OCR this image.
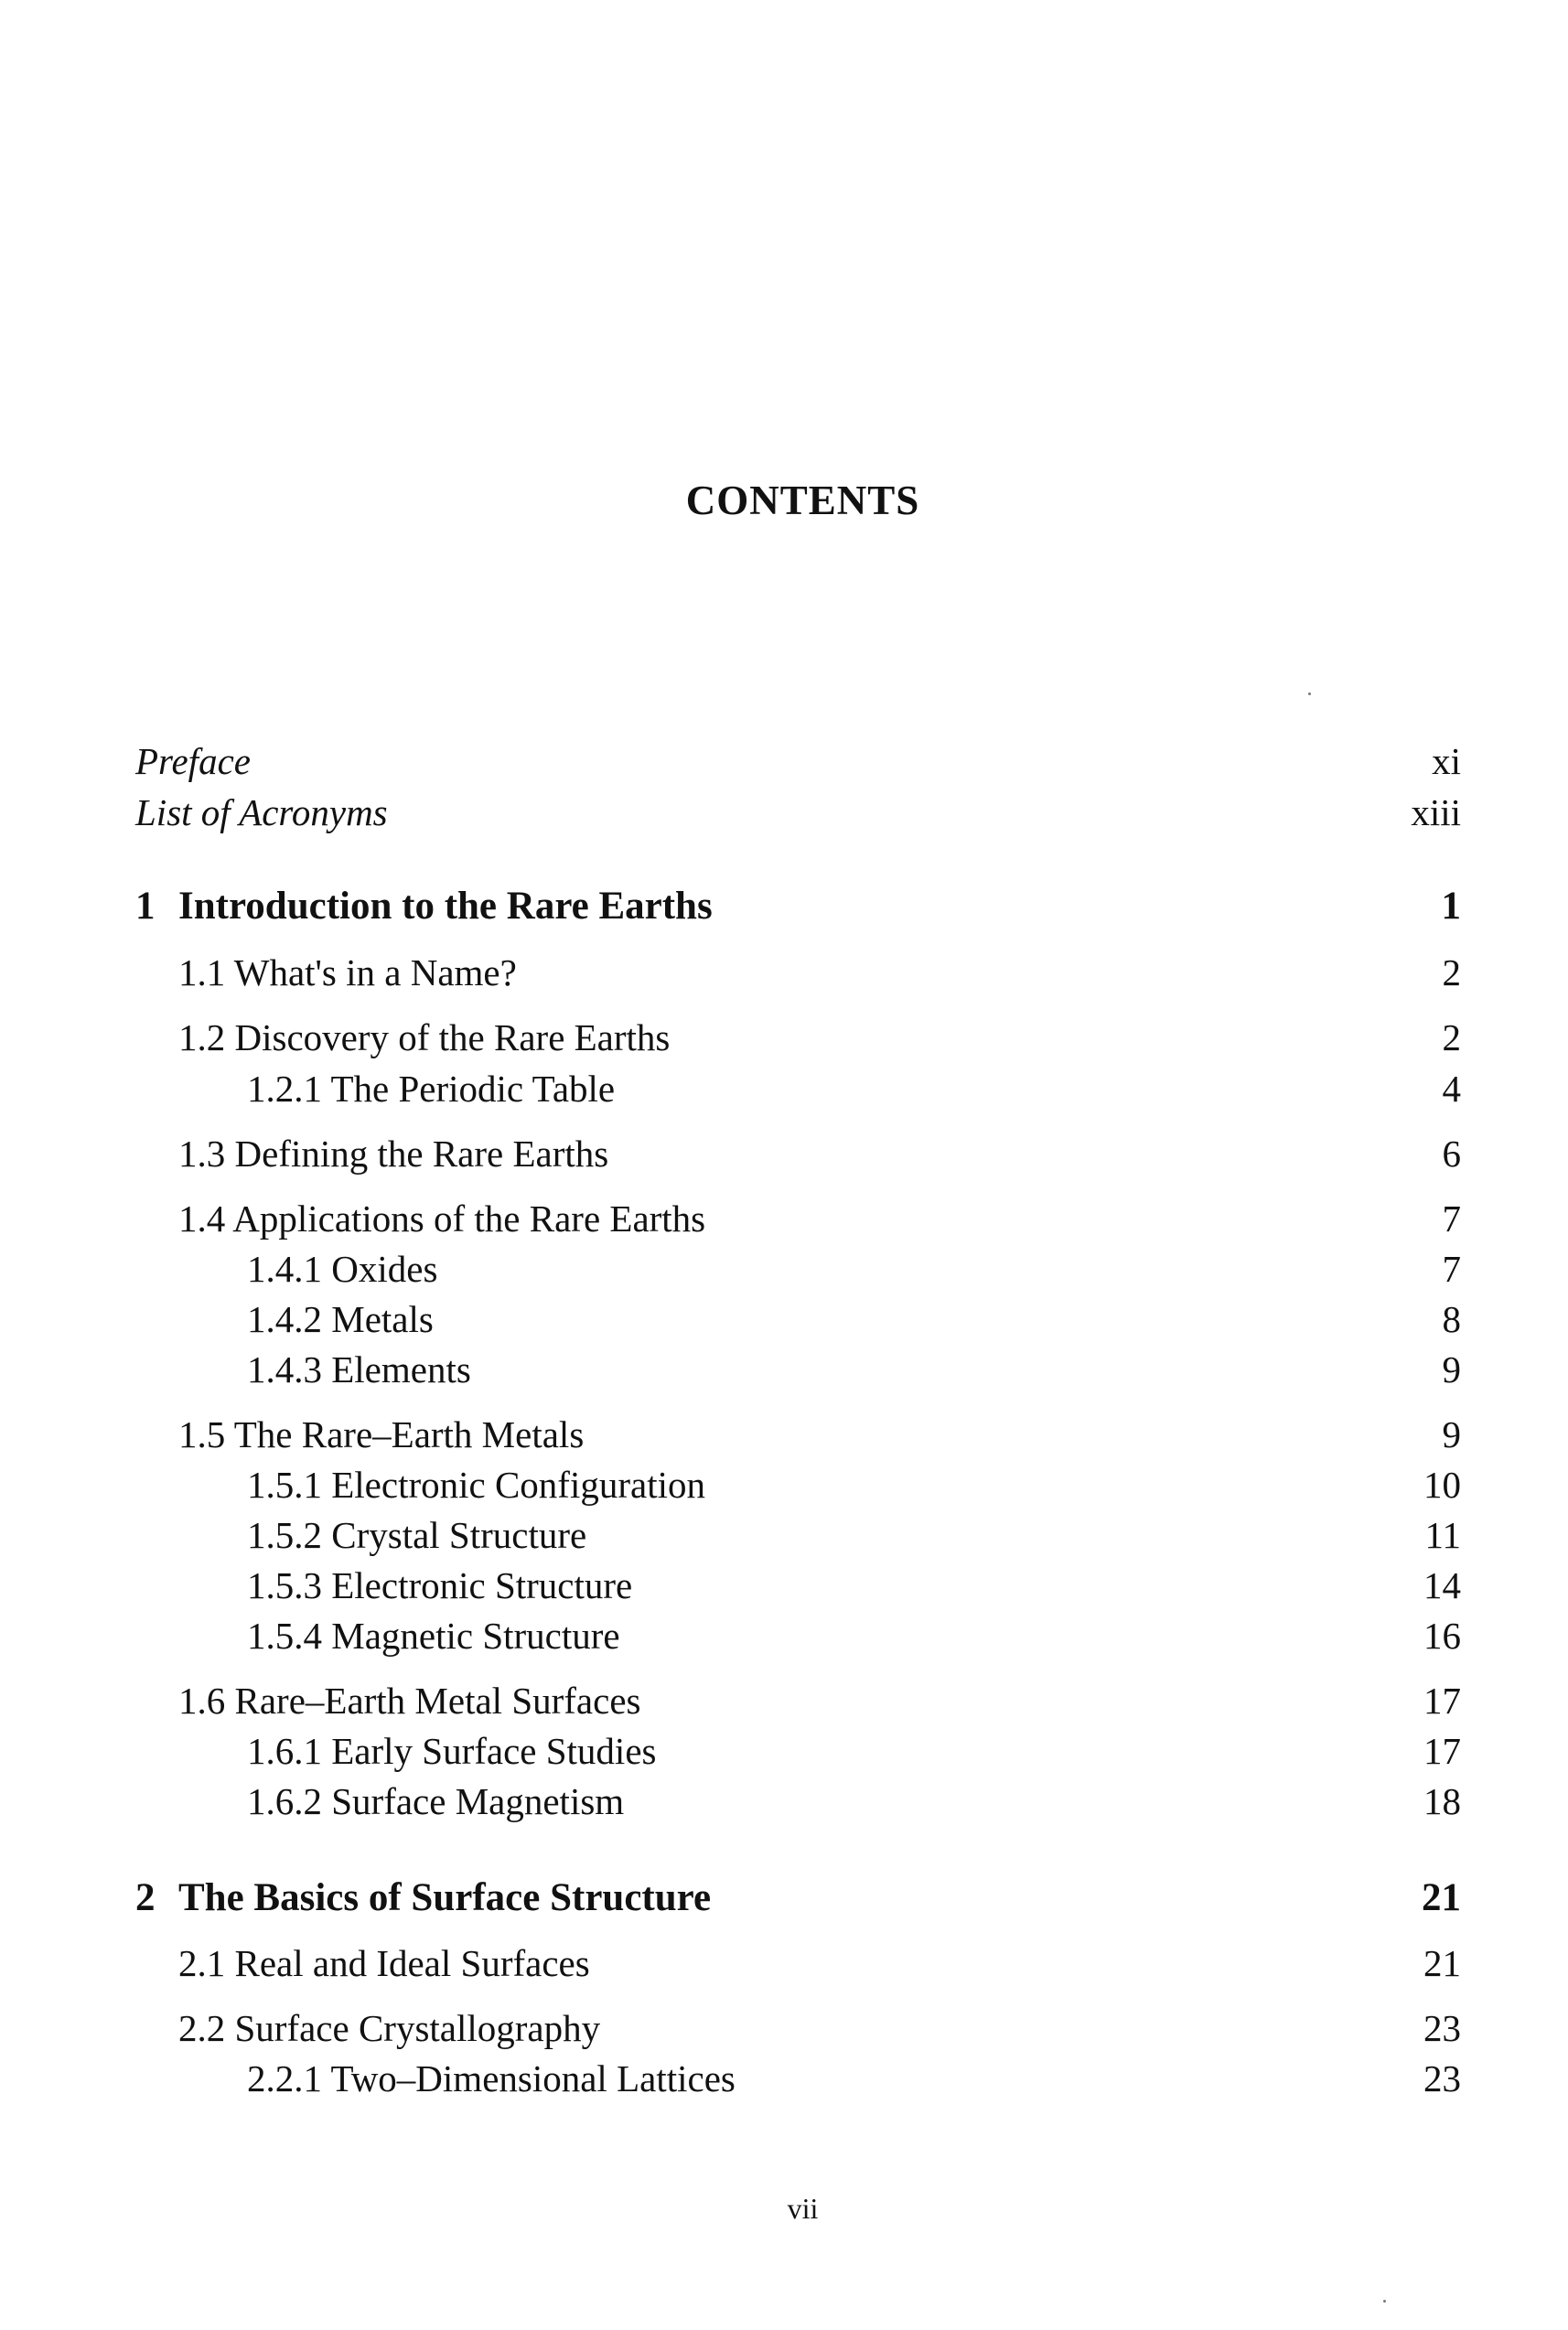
CONTENTS
Preface	xi
List of Acronyms	xiii
1 Introduction to the Rare Earths	1
1.1 What's in a Name?	2
1.2 Discovery of the Rare Earths	2
1.2.1 The Periodic Table	4
1.3 Defining the Rare Earths	6
1.4 Applications of the Rare Earths	7
1.4.1 Oxides	7
1.4.2 Metals	8
1.4.3 Elements	9
1.5 The Rare–Earth Metals	9
1.5.1 Electronic Configuration	10
1.5.2 Crystal Structure	11
1.5.3 Electronic Structure	14
1.5.4 Magnetic Structure	16
1.6 Rare–Earth Metal Surfaces	17
1.6.1 Early Surface Studies	17
1.6.2 Surface Magnetism	18
2 The Basics of Surface Structure	21
2.1 Real and Ideal Surfaces	21
2.2 Surface Crystallography	23
2.2.1 Two–Dimensional Lattices	23
vii
